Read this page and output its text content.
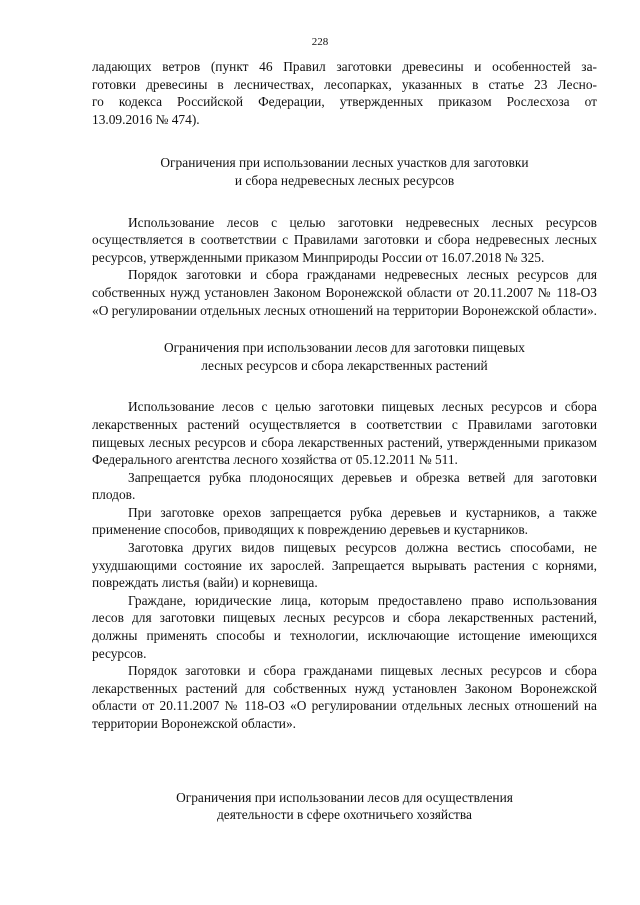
228

ладающих ветров (пункт 46 Правил заготовки древесины и особенностей за-
готовки древесины в лесничествах, лесопарках, указанных в статье 23 Лесно-
го кодекса Российской Федерации, утвержденных приказом Рослесхоза от
13.09.2016 № 474).

Ограничения при использовании лесных участков для заготовки
и сбора недревесных лесных ресурсов

Использование лесов с целью заготовки недревесных лесных ресурсов осуществляется в соответствии с Правилами заготовки и сбора недревесных лесных ресурсов, утвержденными приказом Минприроды России от 16.07.2018 № 325.

Порядок заготовки и сбора гражданами недревесных лесных ресурсов для собственных нужд установлен Законом Воронежской области от 20.11.2007 № 118-ОЗ «О регулировании отдельных лесных отношений на территории Воронежской области».

Ограничения при использовании лесов для заготовки пищевых
лесных ресурсов и сбора лекарственных растений

Использование лесов с целью заготовки пищевых лесных ресурсов и сбора лекарственных растений осуществляется в соответствии с Правилами заготовки пищевых лесных ресурсов и сбора лекарственных растений, утвержденными приказом Федерального агентства лесного хозяйства от 05.12.2011 № 511.

Запрещается рубка плодоносящих деревьев и обрезка ветвей для заготовки плодов.

При заготовке орехов запрещается рубка деревьев и кустарников, а также применение способов, приводящих к повреждению деревьев и кустарников.

Заготовка других видов пищевых ресурсов должна вестись способами, не ухудшающими состояние их зарослей. Запрещается вырывать растения с корнями, повреждать листья (вайи) и корневища.

Граждане, юридические лица, которым предоставлено право использования лесов для заготовки пищевых лесных ресурсов и сбора лекарственных растений, должны применять способы и технологии, исключающие истощение имеющихся ресурсов.

Порядок заготовки и сбора гражданами пищевых лесных ресурсов и сбора лекарственных растений для собственных нужд установлен Законом Воронежской области от 20.11.2007 № 118-ОЗ «О регулировании отдельных лесных отношений на территории Воронежской области».

Ограничения при использовании лесов для осуществления
деятельности в сфере охотничьего хозяйства
